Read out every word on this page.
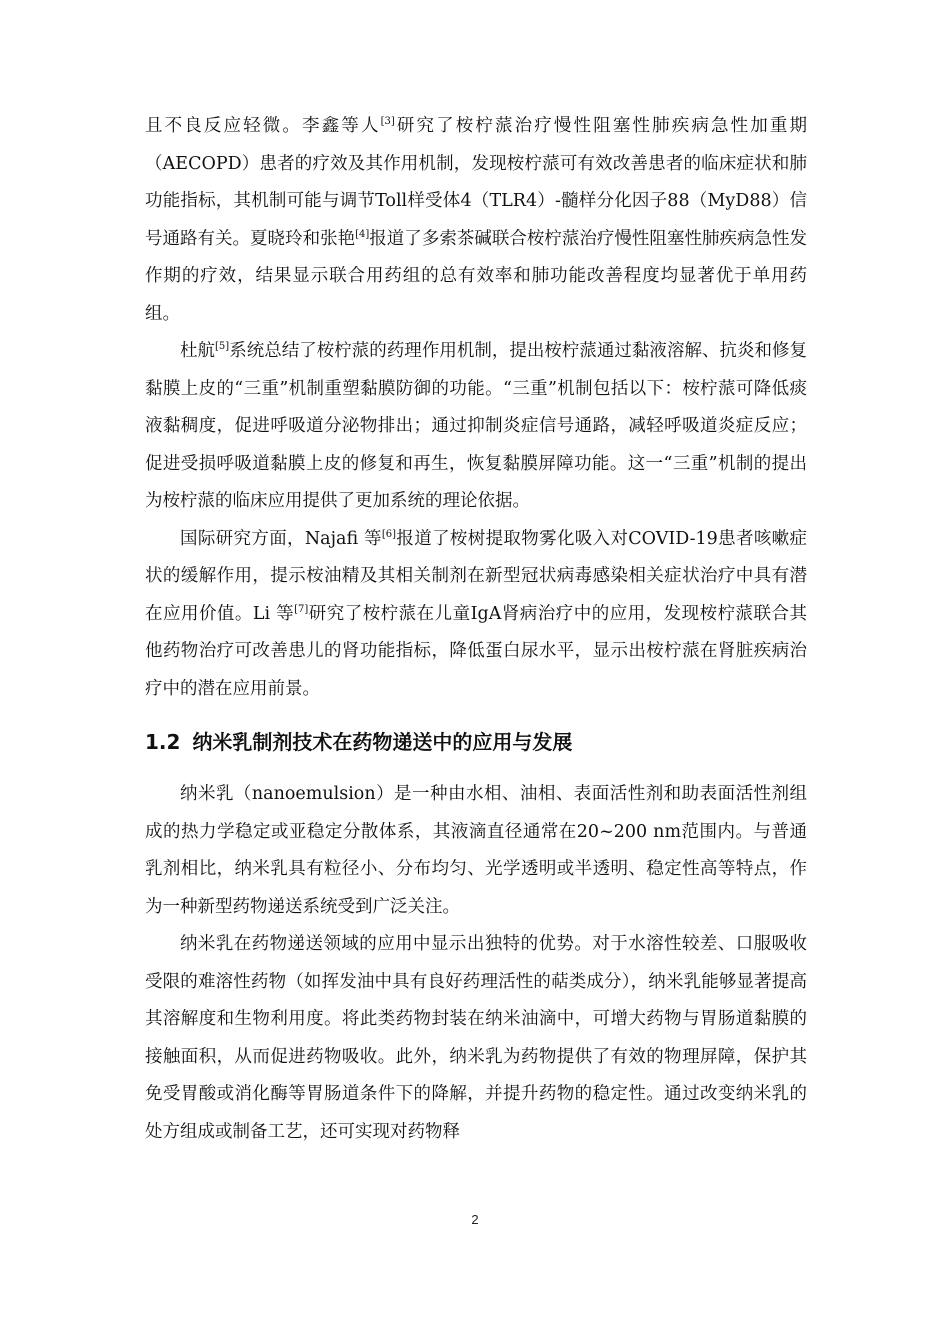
且不良反应轻微。李鑫等人[3]研究了桉柠蒎治疗慢性阻塞性肺疾病急性加重期（AECOPD）患者的疗效及其作用机制，发现桉柠蒎可有效改善患者的临床症状和肺功能指标，其机制可能与调节Toll样受体4（TLR4）-髓样分化因子88（MyD88）信号通路有关。夏晓玲和张艳[4]报道了多索茶碱联合桉柠蒎治疗慢性阻塞性肺疾病急性发作期的疗效，结果显示联合用药组的总有效率和肺功能改善程度均显著优于单用药组。

杜航[5]系统总结了桉柠蒎的药理作用机制，提出桉柠蒎通过黏液溶解、抗炎和修复黏膜上皮的“三重”机制重塑黏膜防御的功能。“三重”机制包括以下：桉柠蒎可降低痰液黏稠度，促进呼吸道分泌物排出；通过抑制炎症信号通路，减轻呼吸道炎症反应；促进受损呼吸道黏膜上皮的修复和再生，恢复黏膜屏障功能。这一“三重”机制的提出为桉柠蒎的临床应用提供了更加系统的理论依据。

国际研究方面，Najafi 等[6]报道了桉树提取物雾化吸入对COVID-19患者咳嗽症状的缓解作用，提示桉油精及其相关制剂在新型冠状病毒感染相关症状治疗中具有潜在应用价值。Li 等[7]研究了桉柠蒎在儿童IgA肾病治疗中的应用，发现桉柠蒎联合其他药物治疗可改善患儿的肾功能指标，降低蛋白尿水平，显示出桉柠蒎在肾脏疾病治疗中的潜在应用前景。

1.2 纳米乳制剂技术在药物递送中的应用与发展

纳米乳（nanoemulsion）是一种由水相、油相、表面活性剂和助表面活性剂组成的热力学稳定或亚稳定分散体系，其液滴直径通常在20~200 nm范围内。与普通乳剂相比，纳米乳具有粒径小、分布均匀、光学透明或半透明、稳定性高等特点，作为一种新型药物递送系统受到广泛关注。

纳米乳在药物递送领域的应用中显示出独特的优势。对于水溶性较差、口服吸收受限的难溶性药物（如挥发油中具有良好药理活性的萜类成分），纳米乳能够显著提高其溶解度和生物利用度。将此类药物封装在纳米油滴中，可增大药物与胃肠道黏膜的接触面积，从而促进药物吸收。此外，纳米乳为药物提供了有效的物理屏障，保护其免受胃酸或消化酶等胃肠道条件下的降解，并提升药物的稳定性。通过改变纳米乳的处方组成或制备工艺，还可实现对药物释

2
